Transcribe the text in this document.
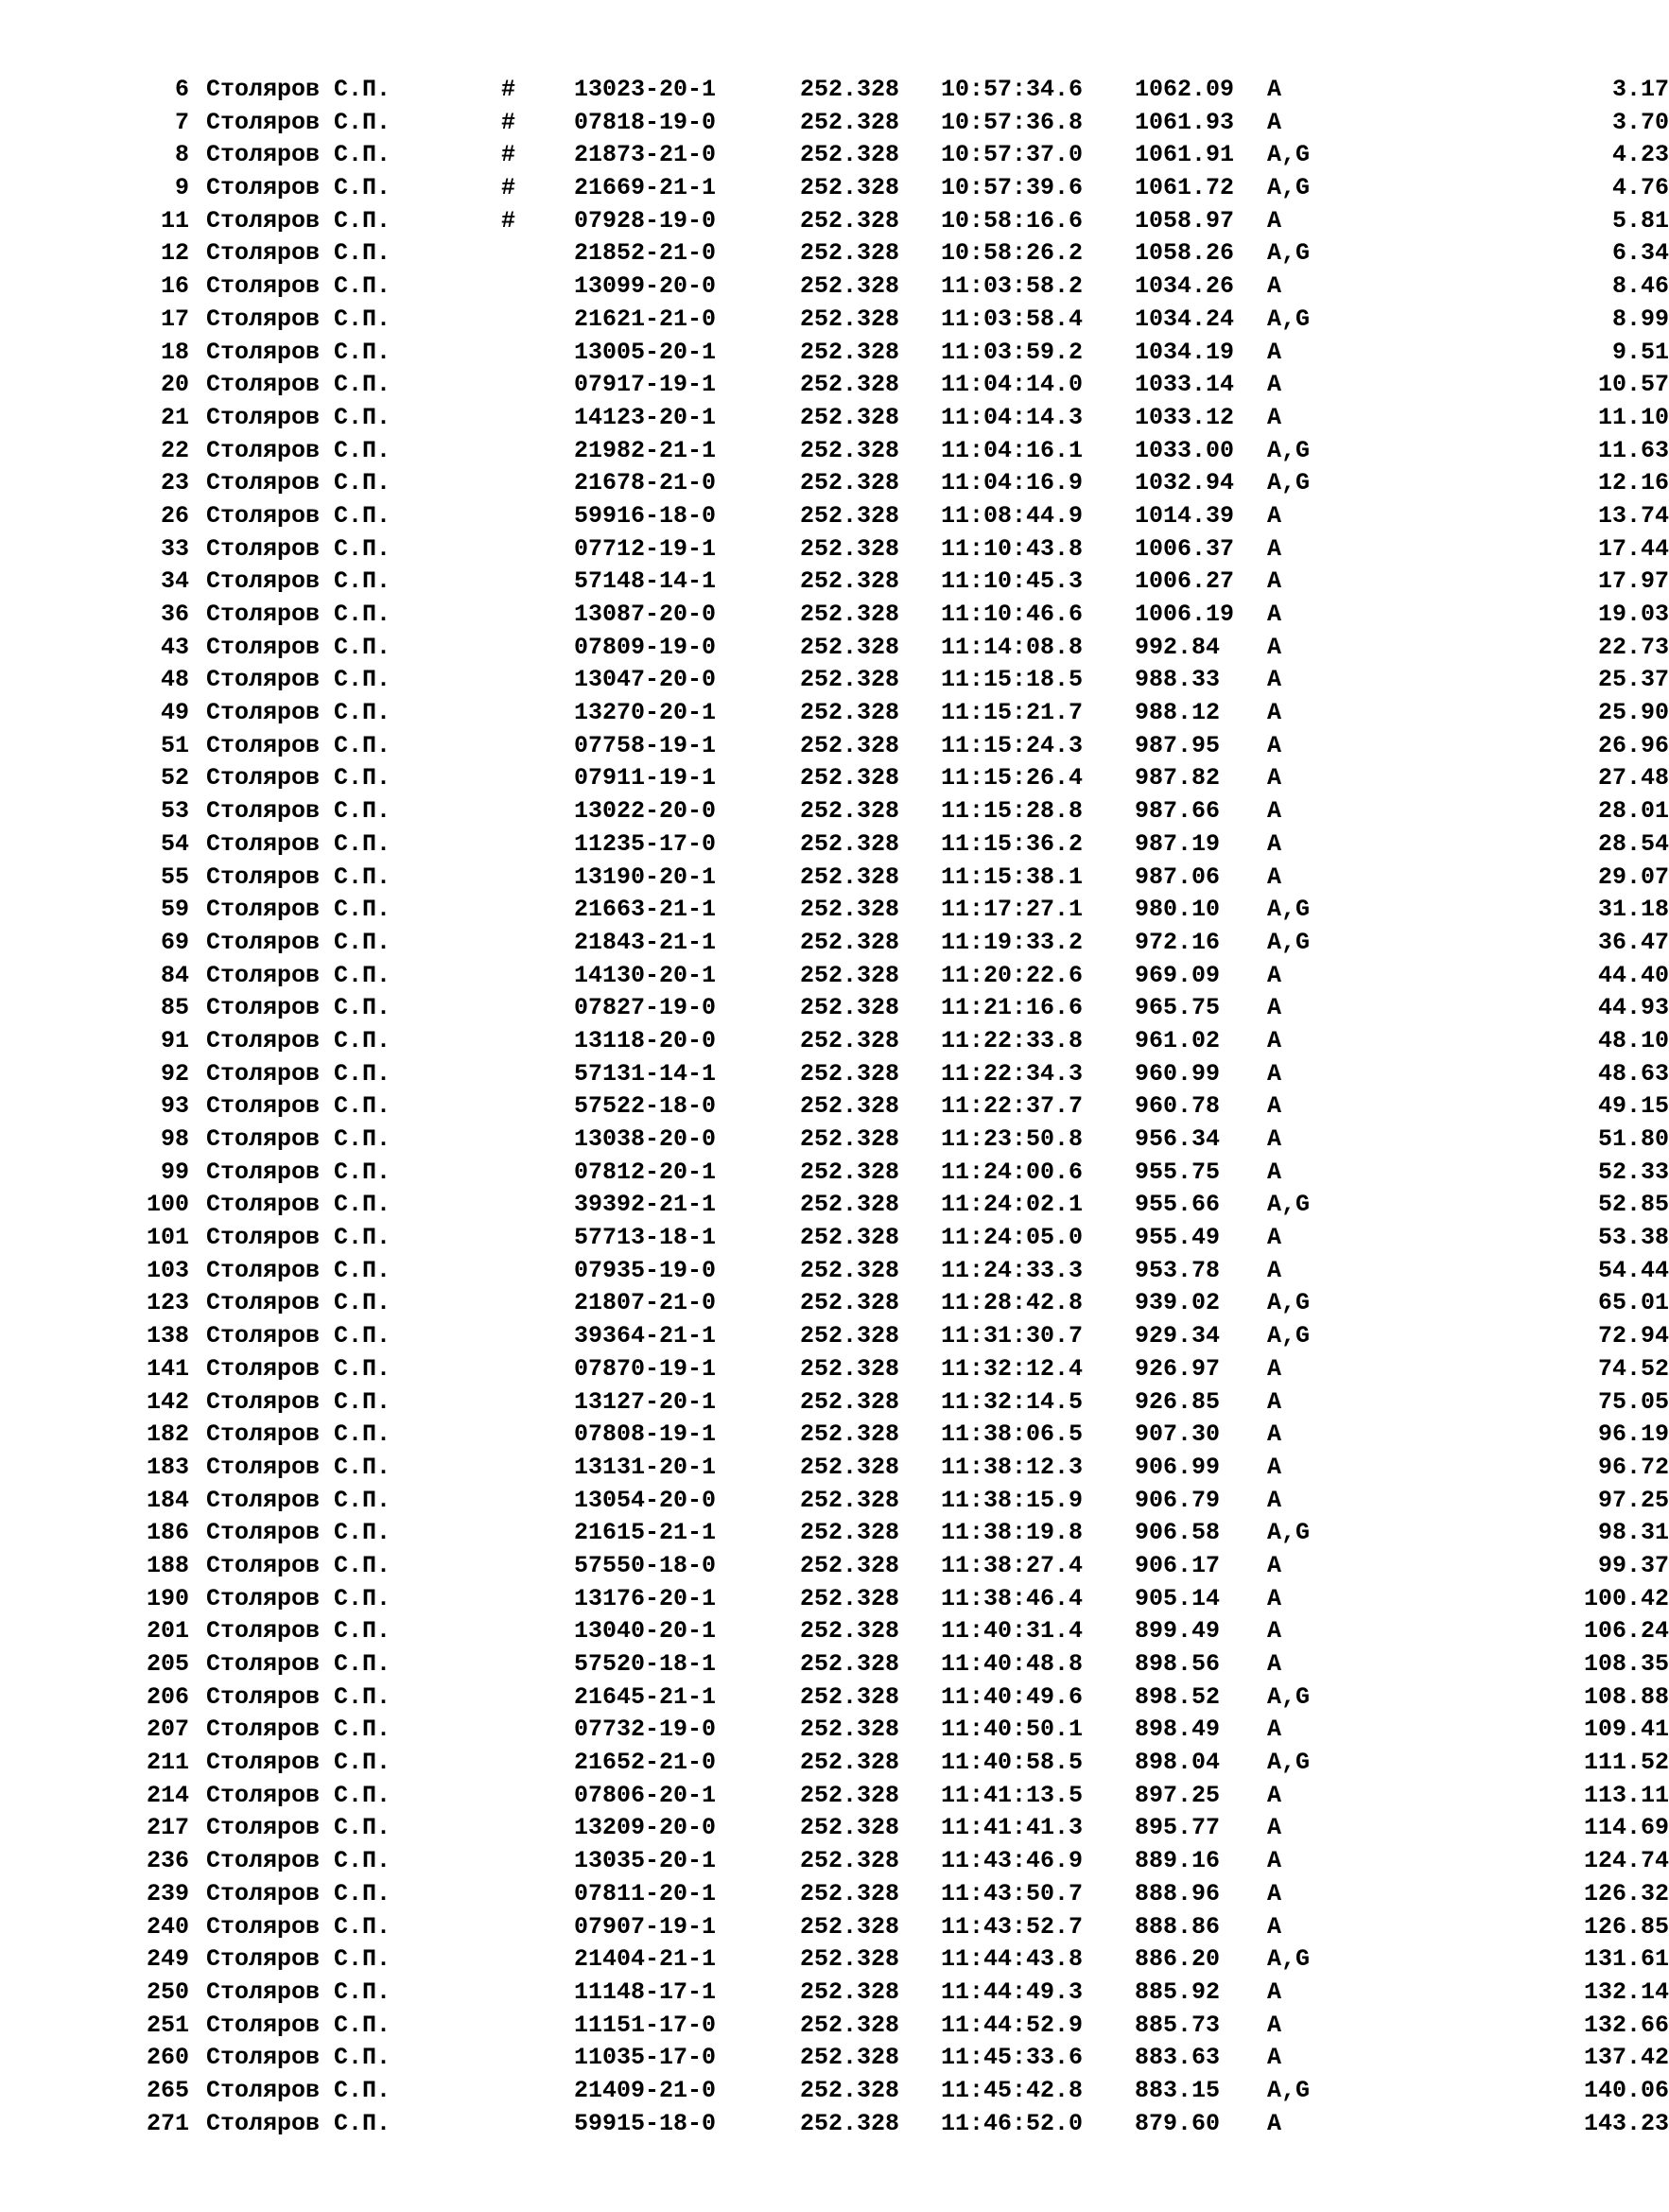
6 Столяров С.П.	# 13023-20-1	252.328 10:57:34.6 1062.09 A	3.17
7 Столяров С.П.	# 07818-19-0	252.328 10:57:36.8 1061.93 A	3.70
8 Столяров С.П.	# 21873-21-0	252.328 10:57:37.0 1061.91 A,G	4.23
9 Столяров С.П.	# 21669-21-1	252.328 10:57:39.6 1061.72 A,G	4.76
11 Столяров С.П.	# 07928-19-0	252.328 10:58:16.6 1058.97 A	5.81
12 Столяров С.П.	21852-21-0	252.328 10:58:26.2 1058.26 A,G	6.34
16 Столяров С.П.	13099-20-0	252.328 11:03:58.2 1034.26 A	8.46
17 Столяров С.П.	21621-21-0	252.328 11:03:58.4 1034.24 A,G	8.99
18 Столяров С.П.	13005-20-1	252.328 11:03:59.2 1034.19 A	9.51
20 Столяров С.П.	07917-19-1	252.328 11:04:14.0 1033.14 A	10.57
21 Столяров С.П.	14123-20-1	252.328 11:04:14.3 1033.12 A	11.10
22 Столяров С.П.	21982-21-1	252.328 11:04:16.1 1033.00 A,G	11.63
23 Столяров С.П.	21678-21-0	252.328 11:04:16.9 1032.94 A,G	12.16
26 Столяров С.П.	59916-18-0	252.328 11:08:44.9 1014.39 A	13.74
33 Столяров С.П.	07712-19-1	252.328 11:10:43.8 1006.37 A	17.44
34 Столяров С.П.	57148-14-1	252.328 11:10:45.3 1006.27 A	17.97
36 Столяров С.П.	13087-20-0	252.328 11:10:46.6 1006.19 A	19.03
43 Столяров С.П.	07809-19-0	252.328 11:14:08.8 992.84 A	22.73
48 Столяров С.П.	13047-20-0	252.328 11:15:18.5 988.33 A	25.37
49 Столяров С.П.	13270-20-1	252.328 11:15:21.7 988.12 A	25.90
51 Столяров С.П.	07758-19-1	252.328 11:15:24.3 987.95 A	26.96
52 Столяров С.П.	07911-19-1	252.328 11:15:26.4 987.82 A	27.48
53 Столяров С.П.	13022-20-0	252.328 11:15:28.8 987.66 A	28.01
54 Столяров С.П.	11235-17-0	252.328 11:15:36.2 987.19 A	28.54
55 Столяров С.П.	13190-20-1	252.328 11:15:38.1 987.06 A	29.07
59 Столяров С.П.	21663-21-1	252.328 11:17:27.1 980.10 A,G	31.18
69 Столяров С.П.	21843-21-1	252.328 11:19:33.2 972.16 A,G	36.47
84 Столяров С.П.	14130-20-1	252.328 11:20:22.6 969.09 A	44.40
85 Столяров С.П.	07827-19-0	252.328 11:21:16.6 965.75 A	44.93
91 Столяров С.П.	13118-20-0	252.328 11:22:33.8 961.02 A	48.10
92 Столяров С.П.	57131-14-1	252.328 11:22:34.3 960.99 A	48.63
93 Столяров С.П.	57522-18-0	252.328 11:22:37.7 960.78 A	49.15
98 Столяров С.П.	13038-20-0	252.328 11:23:50.8 956.34 A	51.80
99 Столяров С.П.	07812-20-1	252.328 11:24:00.6 955.75 A	52.33
100 Столяров С.П.	39392-21-1	252.328 11:24:02.1 955.66 A,G	52.85
101 Столяров С.П.	57713-18-1	252.328 11:24:05.0 955.49 A	53.38
103 Столяров С.П.	07935-19-0	252.328 11:24:33.3 953.78 A	54.44
123 Столяров С.П.	21807-21-0	252.328 11:28:42.8 939.02 A,G	65.01
138 Столяров С.П.	39364-21-1	252.328 11:31:30.7 929.34 A,G	72.94
141 Столяров С.П.	07870-19-1	252.328 11:32:12.4 926.97 A	74.52
142 Столяров С.П.	13127-20-1	252.328 11:32:14.5 926.85 A	75.05
182 Столяров С.П.	07808-19-1	252.328 11:38:06.5 907.30 A	96.19
183 Столяров С.П.	13131-20-1	252.328 11:38:12.3 906.99 A	96.72
184 Столяров С.П.	13054-20-0	252.328 11:38:15.9 906.79 A	97.25
186 Столяров С.П.	21615-21-1	252.328 11:38:19.8 906.58 A,G	98.31
188 Столяров С.П.	57550-18-0	252.328 11:38:27.4 906.17 A	99.37
190 Столяров С.П.	13176-20-1	252.328 11:38:46.4 905.14 A	100.42
201 Столяров С.П.	13040-20-1	252.328 11:40:31.4 899.49 A	106.24
205 Столяров С.П.	57520-18-1	252.328 11:40:48.8 898.56 A	108.35
206 Столяров С.П.	21645-21-1	252.328 11:40:49.6 898.52 A,G	108.88
207 Столяров С.П.	07732-19-0	252.328 11:40:50.1 898.49 A	109.41
211 Столяров С.П.	21652-21-0	252.328 11:40:58.5 898.04 A,G	111.52
214 Столяров С.П.	07806-20-1	252.328 11:41:13.5 897.25 A	113.11
217 Столяров С.П.	13209-20-0	252.328 11:41:41.3 895.77 A	114.69
236 Столяров С.П.	13035-20-1	252.328 11:43:46.9 889.16 A	124.74
239 Столяров С.П.	07811-20-1	252.328 11:43:50.7 888.96 A	126.32
240 Столяров С.П.	07907-19-1	252.328 11:43:52.7 888.86 A	126.85
249 Столяров С.П.	21404-21-1	252.328 11:44:43.8 886.20 A,G	131.61
250 Столяров С.П.	11148-17-1	252.328 11:44:49.3 885.92 A	132.14
251 Столяров С.П.	11151-17-0	252.328 11:44:52.9 885.73 A	132.66
260 Столяров С.П.	11035-17-0	252.328 11:45:33.6 883.63 A	137.42
265 Столяров С.П.	21409-21-0	252.328 11:45:42.8 883.15 A,G	140.06
271 Столяров С.П.	59915-18-0	252.328 11:46:52.0 879.60 A	143.23
